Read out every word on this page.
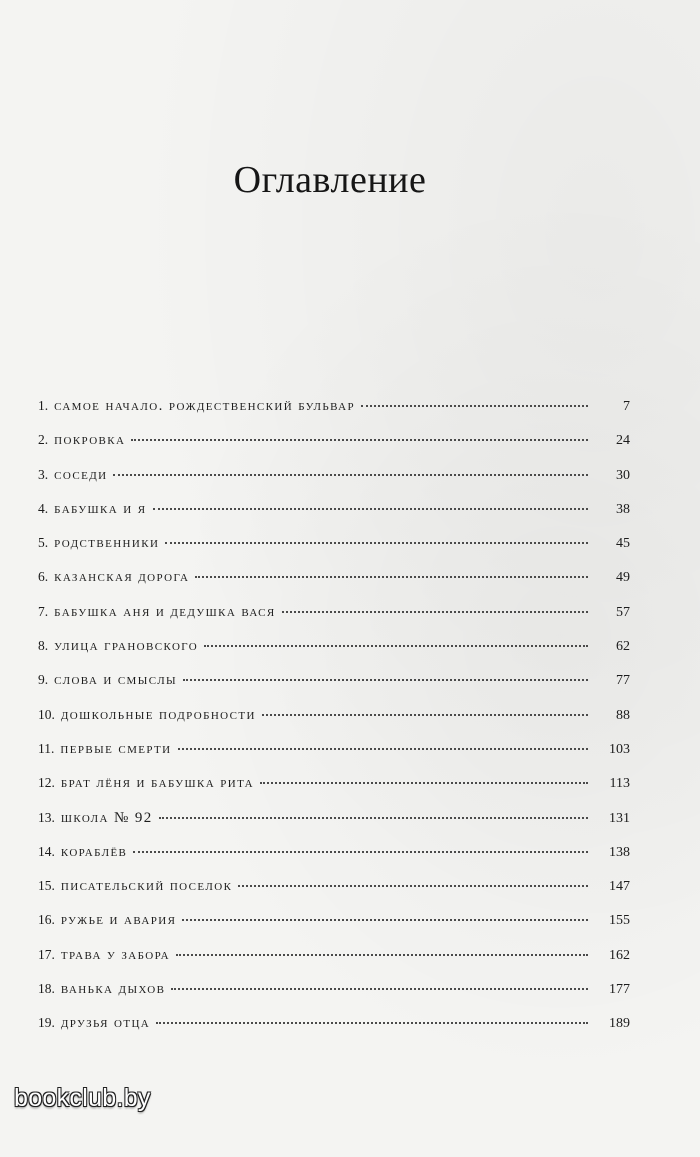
Оглавление
1. самое начало. рождественский бульвар	7
2. покровка	24
3. соседи	30
4. бабушка и я	38
5. родственники	45
6. казанская дорога	49
7. бабушка аня и дедушка вася	57
8. улица грановского	62
9. слова и смыслы	77
10. дошкольные подробности	88
11. первые смерти	103
12. брат лёня и бабушка рита	113
13. школа № 92	131
14. кораблёв	138
15. писательский поселок	147
16. ружье и авария	155
17. трава у забора	162
18. ванька дыхов	177
19. друзья отца	189
bookclub.by
